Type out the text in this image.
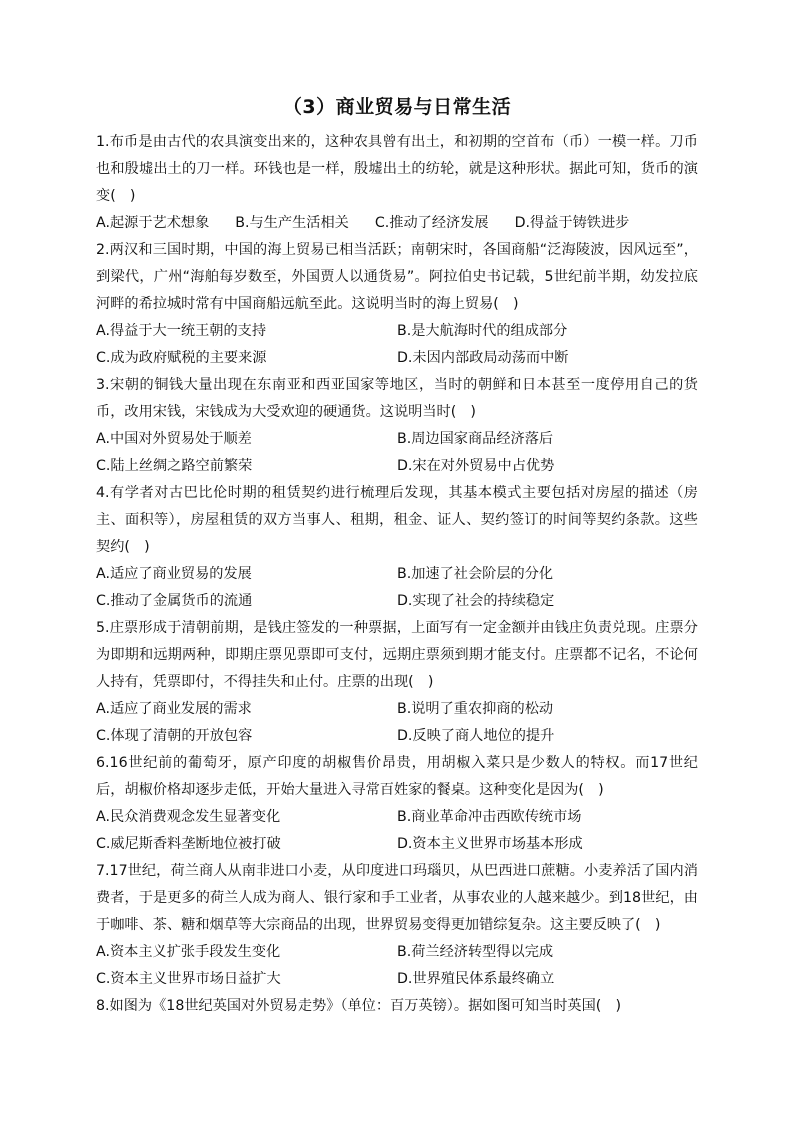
（3）商业贸易与日常生活

1.布币是由古代的农具演变出来的，这种农具曾有出土，和初期的空首布（币）一模一样。刀币也和殷墟出土的刀一样。环钱也是一样，殷墟出土的纺轮，就是这种形状。据此可知，货币的演变(　)

A.起源于艺术想象 B.与生产生活相关 C.推动了经济发展 D.得益于铸铁进步

2.两汉和三国时期，中国的海上贸易已相当活跃；南朝宋时，各国商船“泛海陵波，因风远至”，到梁代，广州“海舶每岁数至，外国贾人以通货易”。阿拉伯史书记载，5世纪前半期，幼发拉底河畔的希拉城时常有中国商船远航至此。这说明当时的海上贸易(　)

A.得益于大一统王朝的支持	B.是大航海时代的组成部分
C.成为政府赋税的主要来源	D.未因内部政局动荡而中断

3.宋朝的铜钱大量出现在东南亚和西亚国家等地区，当时的朝鲜和日本甚至一度停用自己的货币，改用宋钱，宋钱成为大受欢迎的硬通货。这说明当时(　)

A.中国对外贸易处于顺差	B.周边国家商品经济落后
C.陆上丝绸之路空前繁荣	D.宋在对外贸易中占优势

4.有学者对古巴比伦时期的租赁契约进行梳理后发现，其基本模式主要包括对房屋的描述（房主、面积等），房屋租赁的双方当事人、租期，租金、证人、契约签订的时间等契约条款。这些契约(　)

A.适应了商业贸易的发展	B.加速了社会阶层的分化
C.推动了金属货币的流通	D.实现了社会的持续稳定

5.庄票形成于清朝前期，是钱庄签发的一种票据，上面写有一定金额并由钱庄负责兑现。庄票分为即期和远期两种，即期庄票见票即可支付，远期庄票须到期才能支付。庄票都不记名，不论何人持有，凭票即付，不得挂失和止付。庄票的出现(　)

A.适应了商业发展的需求	B.说明了重农抑商的松动
C.体现了清朝的开放包容	D.反映了商人地位的提升

6.16世纪前的葡萄牙，原产印度的胡椒售价昂贵，用胡椒入菜只是少数人的特权。而17世纪后，胡椒价格却逐步走低，开始大量进入寻常百姓家的餐桌。这种变化是因为(　)

A.民众消费观念发生显著变化	B.商业革命冲击西欧传统市场
C.威尼斯香料垄断地位被打破	D.资本主义世界市场基本形成

7.17世纪，荷兰商人从南非进口小麦，从印度进口玛瑙贝，从巴西进口蔗糖。小麦养活了国内消费者，于是更多的荷兰人成为商人、银行家和手工业者，从事农业的人越来越少。到18世纪，由于咖啡、茶、糖和烟草等大宗商品的出现，世界贸易变得更加错综复杂。这主要反映了(　)

A.资本主义扩张手段发生变化	B.荷兰经济转型得以完成
C.资本主义世界市场日益扩大	D.世界殖民体系最终确立

8.如图为《18世纪英国对外贸易走势》（单位：百万英镑）。据如图可知当时英国(　)
